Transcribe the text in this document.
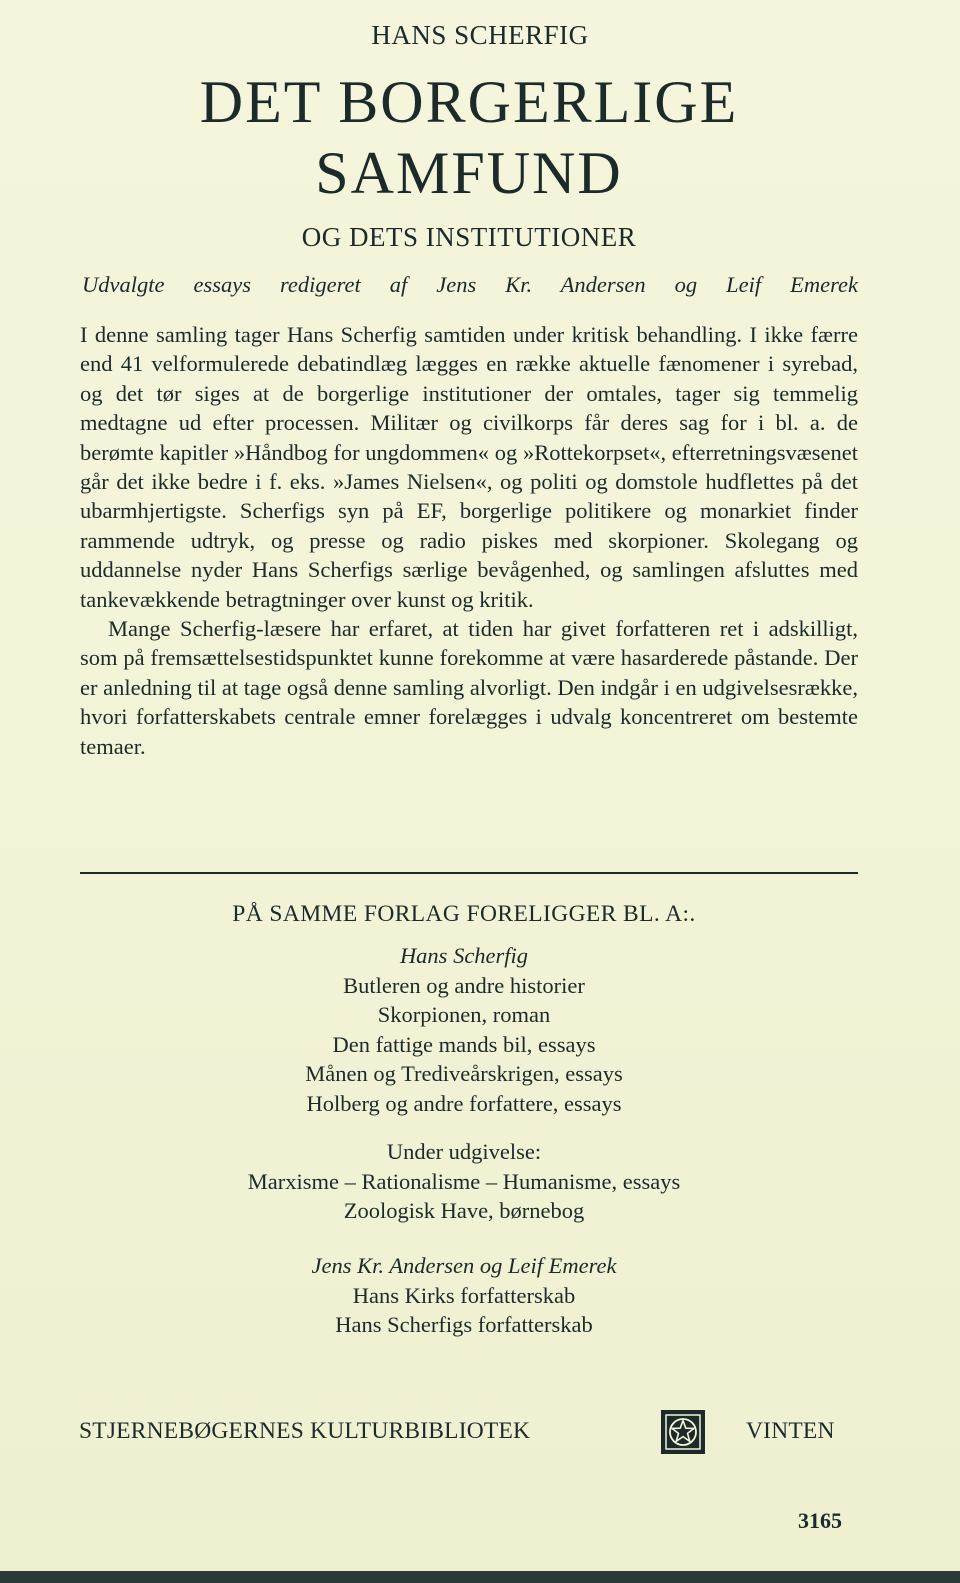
HANS SCHERFIG
DET BORGERLIGE
SAMFUND
OG DETS INSTITUTIONER
Udvalgte essays redigeret af Jens Kr. Andersen og Leif Emerek

I denne samling tager Hans Scherfig samtiden under kritisk behandling. I ikke færre end 41 velformulerede debatindlæg lægges en række aktuelle fænomener i syrebad, og det tør siges at de borgerlige institutioner der omtales, tager sig temmelig medtagne ud efter processen. Militær og civilkorps får deres sag for i bl. a. de berømte kapitler »Håndbog for ungdommen« og »Rottekorpset«, efterretningsvæsenet går det ikke bedre i f. eks. »James Nielsen«, og politi og domstole hudflettes på det ubarmhjertigste. Scherfigs syn på EF, borgerlige politikere og monarkiet finder rammende udtryk, og presse og radio piskes med skorpioner. Skolegang og uddannelse nyder Hans Scherfigs særlige bevågenhed, og samlingen afsluttes med tankevækkende betragtninger over kunst og kritik.

Mange Scherfig-læsere har erfaret, at tiden har givet forfatteren ret i adskilligt, som på fremsættelsestidspunktet kunne forekomme at være hasarderede påstande. Der er anledning til at tage også denne samling alvorligt. Den indgår i en udgivelsesrække, hvori forfatterskabets centrale emner forelægges i udvalg koncentreret om bestemte temaer.

PÅ SAMME FORLAG FORELIGGER BL. A:.
Hans Scherfig
Butleren og andre historier
Skorpionen, roman
Den fattige mands bil, essays
Månen og Trediveårskrigen, essays
Holberg og andre forfattere, essays
Under udgivelse:
Marxisme – Rationalisme – Humanisme, essays
Zoologisk Have, børnebog
Jens Kr. Andersen og Leif Emerek
Hans Kirks forfatterskab
Hans Scherfigs forfatterskab
STJERNEBØGERNES KULTURBIBLIOTEK	VINTEN
3165
